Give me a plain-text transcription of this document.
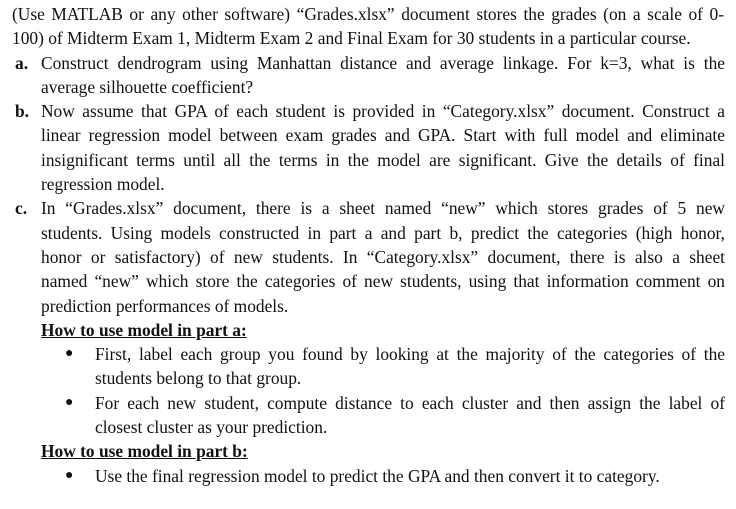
(Use MATLAB or any other software) “Grades.xlsx” document stores the grades (on a scale of 0-
100) of Midterm Exam 1, Midterm Exam 2 and Final Exam for 30 students in a particular course.
a. Construct dendrogram using Manhattan distance and average linkage. For k=3, what is the
average silhouette coefficient?
b. Now assume that GPA of each student is provided in “Category.xlsx” document. Construct a
linear regression model between exam grades and GPA. Start with full model and eliminate
insignificant terms until all the terms in the model are significant. Give the details of final
regression model.
c. In “Grades.xlsx” document, there is a sheet named “new” which stores grades of 5 new
students. Using models constructed in part a and part b, predict the categories (high honor,
honor or satisfactory) of new students. In “Category.xlsx” document, there is also a sheet
named “new” which store the categories of new students, using that information comment on
prediction performances of models.
How to use model in part a:
● First, label each group you found by looking at the majority of the categories of the
students belong to that group.
● For each new student, compute distance to each cluster and then assign the label of
closest cluster as your prediction.
How to use model in part b:
● Use the final regression model to predict the GPA and then convert it to category.
